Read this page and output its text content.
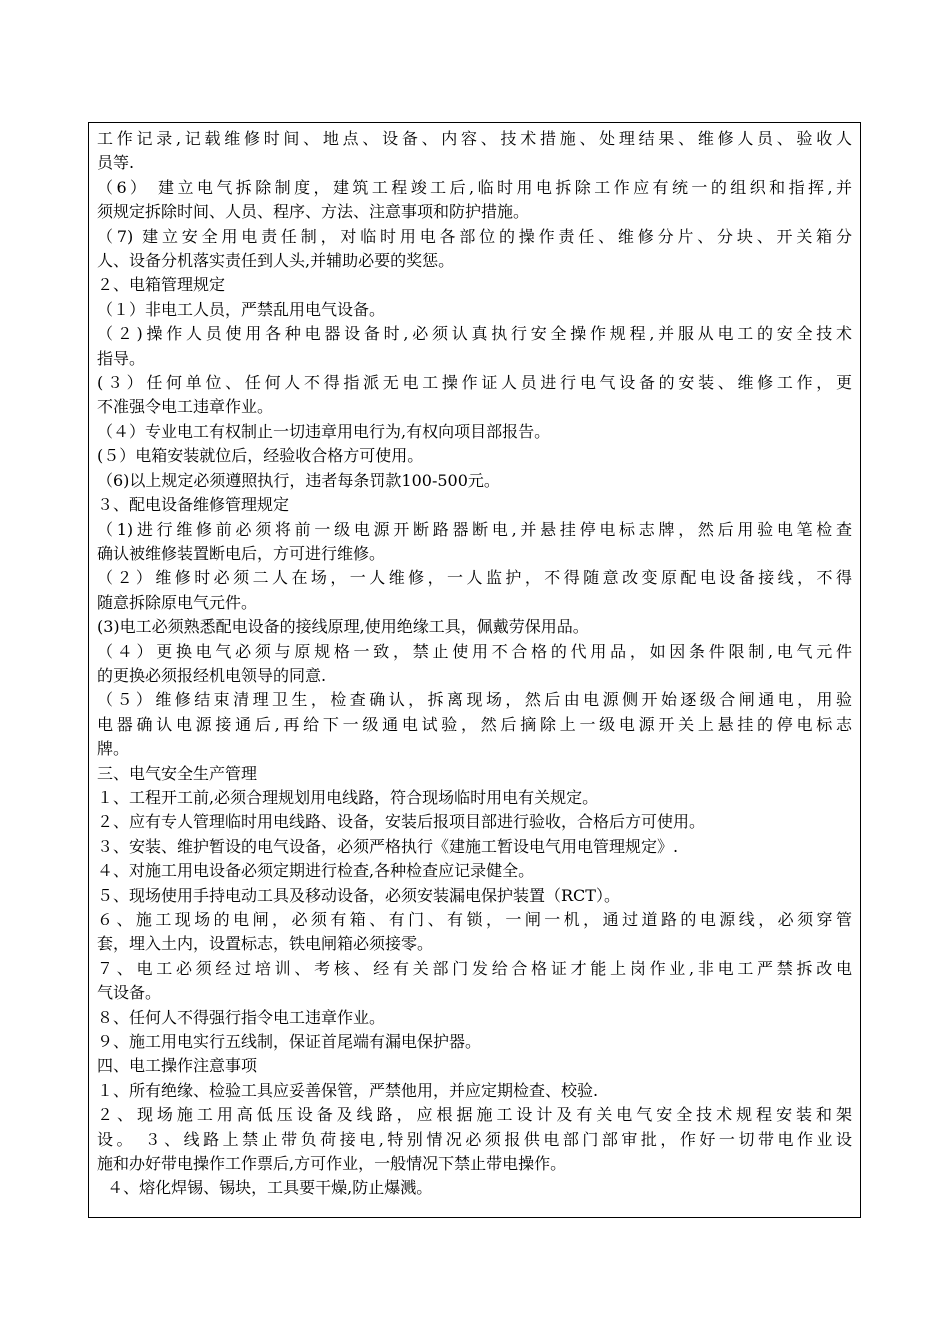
工作记录,记载维修时间、地点、设备、内容、技术措施、处理结果、维修人员、验收人

员等.

（6） 建立电气拆除制度，建筑工程竣工后,临时用电拆除工作应有统一的组织和指挥,并

须规定拆除时间、人员、程序、方法、注意事项和防护措施。

（7) 建立安全用电责任制，对临时用电各部位的操作责任、维修分片、分块、开关箱分

人、设备分机落实责任到人头,并辅助必要的奖惩。

２、电箱管理规定

（１）非电工人员，严禁乱用电气设备。

（２)操作人员使用各种电器设备时,必须认真执行安全操作规程,并服从电工的安全技术

指导。

(３）任何单位、任何人不得指派无电工操作证人员进行电气设备的安装、维修工作，更

不准强令电工违章作业。

（４）专业电工有权制止一切违章用电行为,有权向项目部报告。

(５）电箱安装就位后，经验收合格方可使用。

（6)以上规定必须遵照执行，违者每条罚款100-500元。

３、配电设备维修管理规定

（1)进行维修前必须将前一级电源开断路器断电,并悬挂停电标志牌，然后用验电笔检查

确认被维修装置断电后，方可进行维修。

（２）维修时必须二人在场，一人维修，一人监护，不得随意改变原配电设备接线，不得

随意拆除原电气元件。

(3)电工必须熟悉配电设备的接线原理,使用绝缘工具，佩戴劳保用品。

（４）更换电气必须与原规格一致，禁止使用不合格的代用品，如因条件限制,电气元件

的更换必须报经机电领导的同意.

（５）维修结束清理卫生，检查确认，拆离现场，然后由电源侧开始逐级合闸通电，用验

电器确认电源接通后,再给下一级通电试验，然后摘除上一级电源开关上悬挂的停电标志

牌。

三、电气安全生产管理

１、工程开工前,必须合理规划用电线路，符合现场临时用电有关规定。

２、应有专人管理临时用电线路、设备，安装后报项目部进行验收，合格后方可使用。

３、安装、维护暂设的电气设备，必须严格执行《建施工暂设电气用电管理规定》.

４、对施工用电设备必须定期进行检查,各种检查应记录健全。

５、现场使用手持电动工具及移动设备，必须安装漏电保护装置（RCT）。

６、施工现场的电闸，必须有箱、有门、有锁，一闸一机，通过道路的电源线，必须穿管

套，埋入土内，设置标志，铁电闸箱必须接零。

７、电工必须经过培训、考核、经有关部门发给合格证才能上岗作业,非电工严禁拆改电

气设备。

８、任何人不得强行指令电工违章作业。

９、施工用电实行五线制，保证首尾端有漏电保护器。

四、电工操作注意事项

１、所有绝缘、检验工具应妥善保管，严禁他用，并应定期检查、校验.

２、现场施工用高低压设备及线路，应根据施工设计及有关电气安全技术规程安装和架

设。 ３、线路上禁止带负荷接电,特别情况必须报供电部门部审批，作好一切带电作业设

施和办好带电操作工作票后,方可作业，一般情况下禁止带电操作。

４、熔化焊锡、锡块，工具要干燥,防止爆溅。
